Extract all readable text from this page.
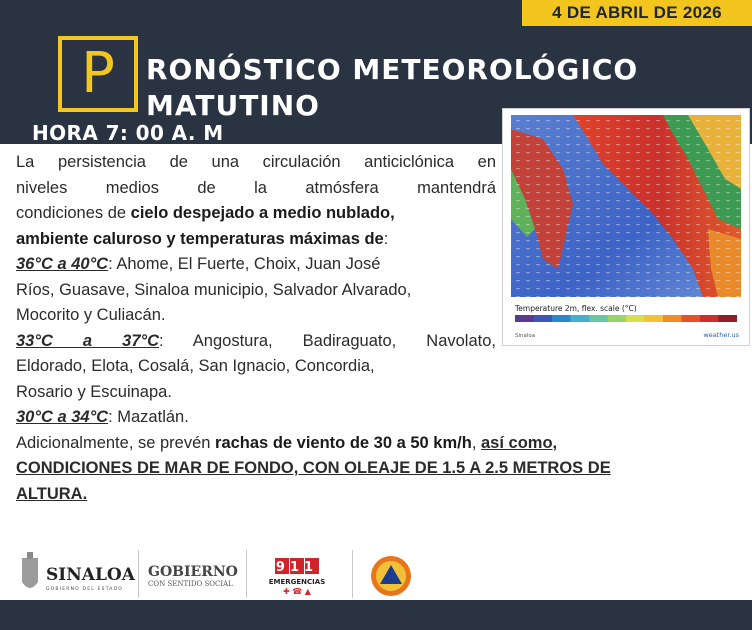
4 DE ABRIL DE 2026
P RONÓSTICO METEOROLÓGICO
MATUTINO
HORA 7: 00 A. M
Temperature 2m, flex. scale (°C)
Sinaloa	weather.us
La persistencia de una circulación anticiclónica en
niveles medios de la atmósfera mantendrá
condiciones de cielo despejado a medio nublado,
ambiente caluroso y temperaturas máximas de:
36°C a 40°C: Ahome, El Fuerte, Choix, Juan José
Ríos, Guasave, Sinaloa municipio, Salvador Alvarado,
Mocorito y Culiacán.
33°C a 37°C: Angostura, Badiraguato, Navolato,
Eldorado, Elota, Cosalá, San Ignacio, Concordia,
Rosario y Escuinapa.
30°C a 34°C: Mazatlán.
Adicionalmente, se prevén rachas de viento de 30 a 50 km/h, así como,
CONDICIONES DE MAR DE FONDO, CON OLEAJE DE 1.5 A 2.5 METROS DE
ALTURA.
SINALOA
GOBIERNO DEL ESTADO
GOBIERNO
CON SENTIDO SOCIAL
911
EMERGENCIAS
✚ ☎ ▲
